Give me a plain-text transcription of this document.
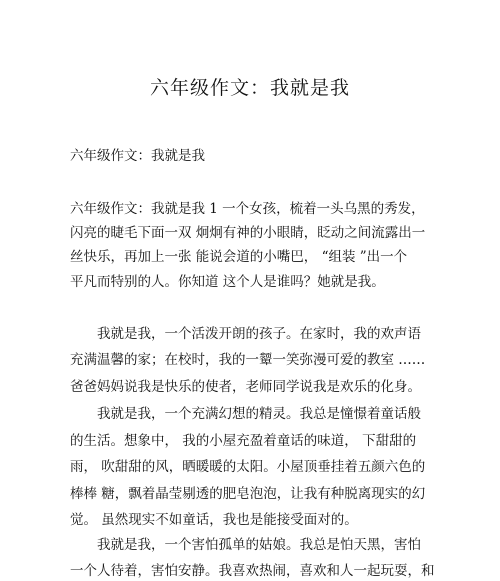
六年级作文：我就是我
六年级作文：我就是我
六年级作文：我就是我 1 一个女孩，梳着一头乌黑的秀发，
闪亮的睫毛下面一双 炯炯有神的小眼睛，眨动之间流露出一
丝快乐，再加上一张 能说会道的小嘴巴， “组装 ”出一个
平凡而特别的人。你知道 这个人是谁吗？她就是我。
　　我就是我，一个活泼开朗的孩子。在家时，我的欢声语
充满温馨的家；在校时，我的一颦一笑弥漫可爱的教室 ……
爸爸妈妈说我是快乐的使者，老师同学说我是欢乐的化身。
　　我就是我，一个充满幻想的精灵。我总是憧憬着童话般
的生活。想象中， 我的小屋充盈着童话的味道， 下甜甜的
雨， 吹甜甜的风，晒暖暖的太阳。小屋顶垂挂着五颜六色的
棒棒 糖，飘着晶莹剔透的肥皂泡泡，让我有种脱离现实的幻
觉。 虽然现实不如童话，我也是能接受面对的。
　　我就是我，一个害怕孤单的姑娘。我总是怕天黑，害怕
一个人待着，害怕安静。我喜欢热闹，喜欢和人一起玩耍，和
